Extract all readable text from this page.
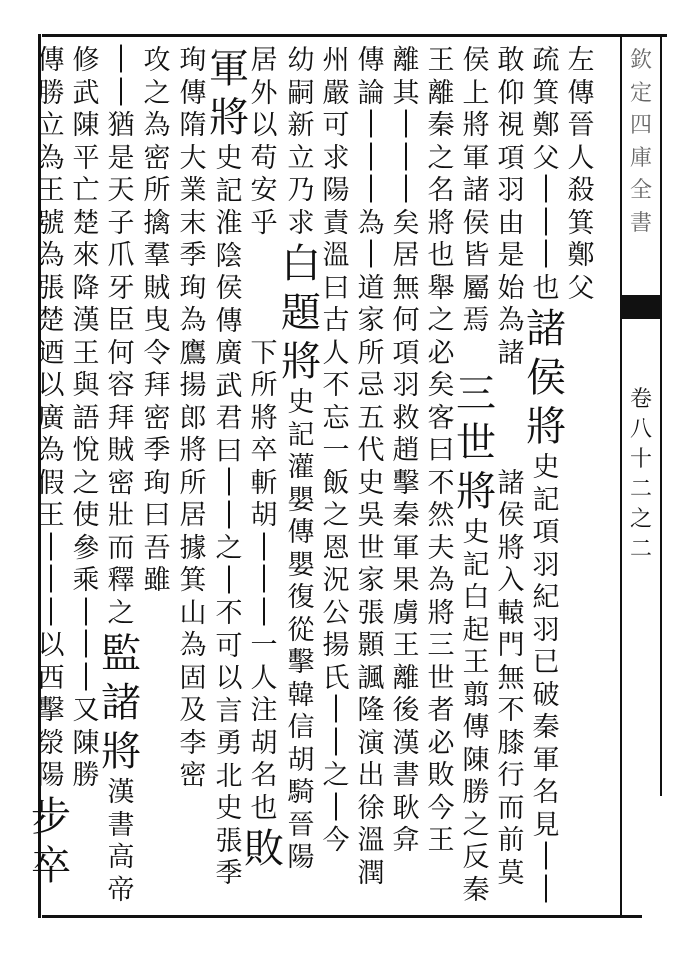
欽
定
四
庫
全
書
卷
八
十
二
之
二
左
傳
晉
人
殺
箕
鄭
父
疏
箕
鄭
父
｜
｜
｜
也
諸
侯
將
史
記
項
羽
紀
羽
已
破
秦
軍
名
見
｜
｜
敢
仰
視
項
羽
由
是
始
為
諸
諸
侯
將
入
轅
門
無
不
膝
行
而
前
莫
侯
上
將
軍
諸
侯
皆
屬
焉
三
世
將
史
記
白
起
王
翦
傳
陳
勝
之
反
秦
王
離
秦
之
名
將
也
舉
之
必
矣
客
曰
不
然
夫
為
將
三
世
者
必
敗
今
王
離
其
｜
｜
｜
矣
居
無
何
項
羽
救
趙
擊
秦
軍
果
虜
王
離
後
漢
書
耿
弇
傳
論
｜
｜
｜
為
｜
道
家
所
忌
五
代
史
吳
世
家
張
顥
諷
隆
演
出
徐
溫
潤
州
嚴
可
求
陽
責
溫
曰
古
人
不
忘
一
飯
之
恩
況
公
揚
氏
｜
｜
之
｜
今
幼
嗣
新
立
乃
求
白
題
將
史
記
灌
嬰
傳
嬰
復
從
擊
韓
信
胡
騎
晉
陽
居
外
以
苟
安
乎
下
所
將
卒
斬
胡
｜
｜
｜
一
人
注
胡
名
也
敗
軍
將
史
記
淮
陰
侯
傳
廣
武
君
曰
｜
｜
之
｜
不
可
以
言
勇
北
史
張
季
珣
傳
隋
大
業
末
季
珣
為
鷹
揚
郎
將
所
居
據
箕
山
為
固
及
李
密
攻
之
為
密
所
擒
羣
賊
曳
令
拜
密
季
珣
曰
吾
雖
｜
｜
猶
是
天
子
爪
牙
臣
何
容
拜
賊
密
壯
而
釋
之
監
諸
將
漢
書
高
帝
修
武
陳
平
亡
楚
來
降
漢
王
與
語
悅
之
使
參
乘
｜
｜
｜
又
陳
勝
傳
勝
立
為
王
號
為
張
楚
迺
以
廣
為
假
王
｜
｜
｜
以
西
擊
滎
陽
步
卒
